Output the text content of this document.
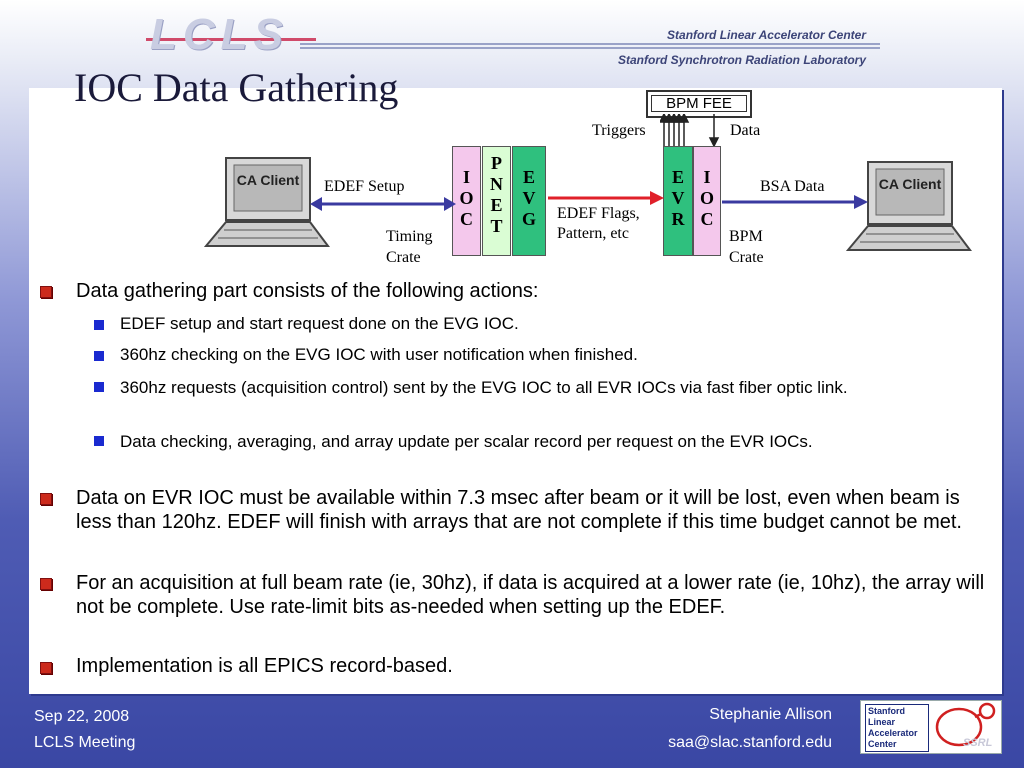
LCLS	Stanford Linear Accelerator Center
Stanford Synchrotron Radiation Laboratory
IOC Data Gathering	BPM FEE
Triggers	Data
CA Client	CA Client
I
O
C
P
N
E
T
E
V
G
E
V
R
I
O
C
EDEF Setup
EDEF Flags,
Pattern, etc
BSA Data
Timing
Crate
BPM
Crate
Data gathering part consists of the following actions:
EDEF setup and start request done on the EVG IOC.
360hz checking on the EVG IOC with user notification when finished.
360hz requests (acquisition control) sent by the EVG IOC to all EVR IOCs via fast fiber optic link.
Data checking, averaging, and array update per scalar record per request on the EVR IOCs.
Data on EVR IOC must be available within 7.3 msec after beam or it will be lost, even when beam is less than 120hz. EDEF will finish with arrays that are not complete if this time budget cannot be met.
For an acquisition at full beam rate (ie, 30hz), if data is acquired at a lower rate (ie, 10hz), the array will not be complete. Use rate-limit bits as-needed when setting up the EDEF.
Implementation is all EPICS record-based.
Sep 22, 2008
LCLS Meeting
Stephanie Allison
saa@slac.stanford.edu
Stanford
Linear
Accelerator
Center	SSRL
